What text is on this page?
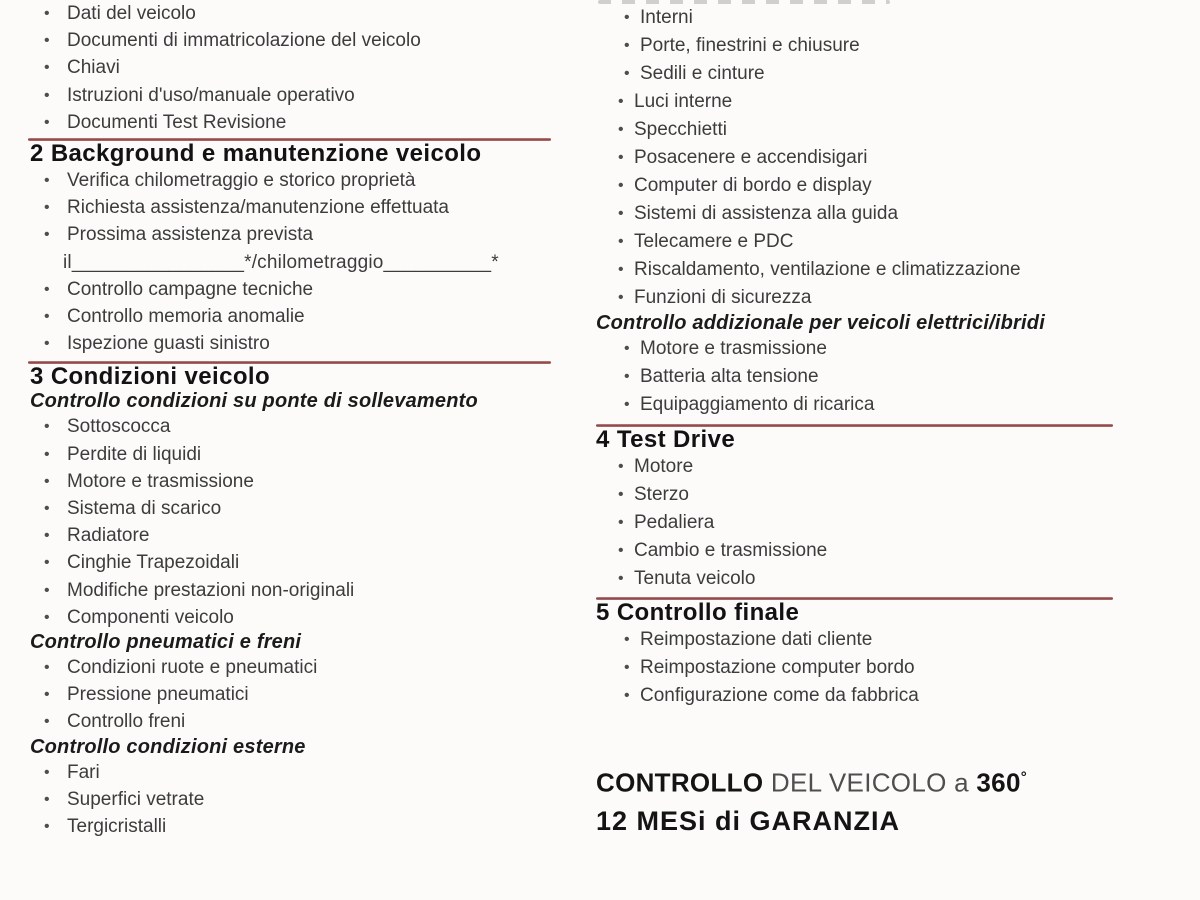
• Dati del veicolo
• Documenti di immatricolazione del veicolo
• Chiavi
• Istruzioni d'uso/manuale operativo
• Documenti Test Revisione
2 Background e manutenzione veicolo
• Verifica chilometraggio e storico proprietà
• Richiesta assistenza/manutenzione effettuata
• Prossima assistenza prevista
il________________*/chilometraggio__________*
• Controllo campagne tecniche
• Controllo memoria anomalie
• Ispezione guasti sinistro
3 Condizioni veicolo
Controllo condizioni su ponte di sollevamento
• Sottoscocca
• Perdite di liquidi
• Motore e trasmissione
• Sistema di scarico
• Radiatore
• Cinghie Trapezoidali
• Modifiche prestazioni non-originali
• Componenti veicolo
Controllo pneumatici e freni
• Condizioni ruote e pneumatici
• Pressione pneumatici
• Controllo freni
Controllo condizioni esterne
• Fari
• Superfici vetrate
• Tergicristalli
• Interni
• Porte, finestrini e chiusure
• Sedili e cinture
• Luci interne
• Specchietti
• Posacenere e accendisigari
• Computer di bordo e display
• Sistemi di assistenza alla guida
• Telecamere e PDC
• Riscaldamento, ventilazione e climatizzazione
• Funzioni di sicurezza
Controllo addizionale per veicoli elettrici/ibridi
• Motore e trasmissione
• Batteria alta tensione
• Equipaggiamento di ricarica
4 Test Drive
• Motore
• Sterzo
• Pedaliera
• Cambio e trasmissione
• Tenuta veicolo
5 Controllo finale
• Reimpostazione dati cliente
• Reimpostazione computer bordo
• Configurazione come da fabbrica
CONTROLLO DEL VEICOLO a 360°
12 MESi di GARANZIA
